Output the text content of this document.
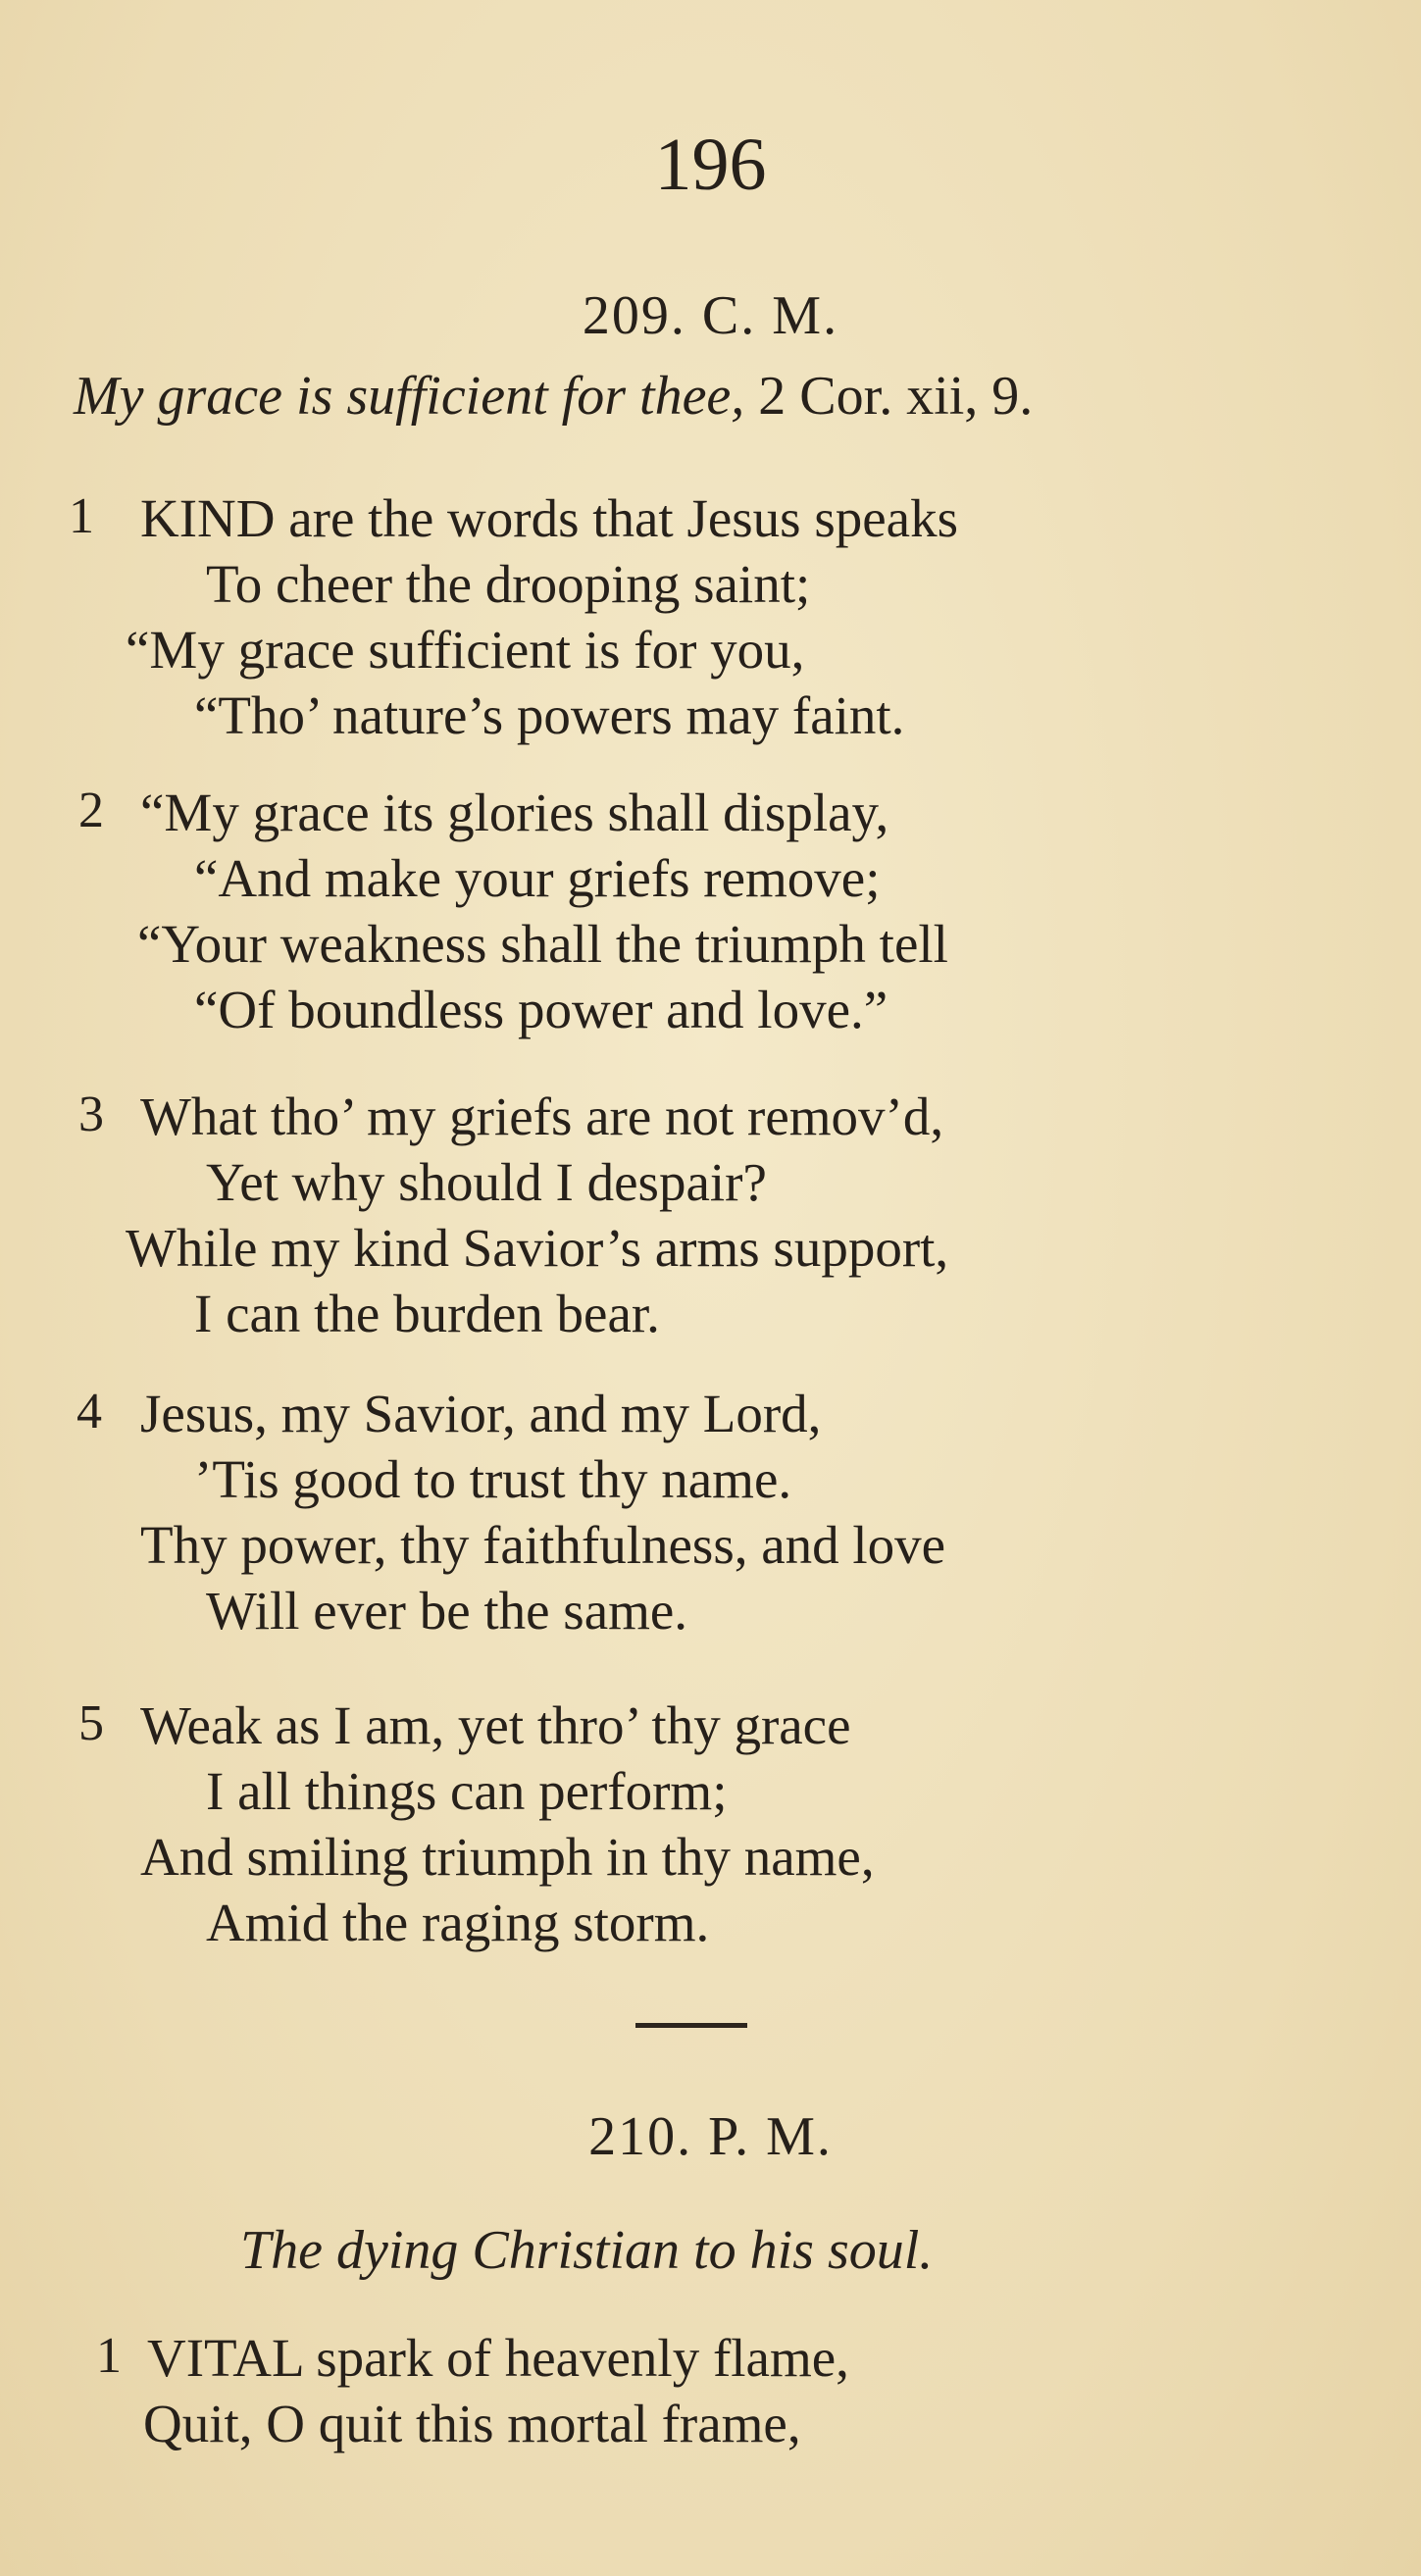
196
209. C. M.
My grace is sufficient for thee, 2 Cor. xii, 9.
1 KIND are the words that Jesus speaks
To cheer the drooping saint;
“My grace sufficient is for you,
“Tho’ nature’s powers may faint.
2 “My grace its glories shall display,
“And make your griefs remove;
“Your weakness shall the triumph tell
“Of boundless power and love.”
3 What tho’ my griefs are not remov’d,
Yet why should I despair?
While my kind Savior’s arms support,
I can the burden bear.
4 Jesus, my Savior, and my Lord,
’Tis good to trust thy name.
Thy power, thy faithfulness, and love
Will ever be the same.
5 Weak as I am, yet thro’ thy grace
I all things can perform;
And smiling triumph in thy name,
Amid the raging storm.
210. P. M.
The dying Christian to his soul.
1 VITAL spark of heavenly flame,
Quit, O quit this mortal frame,
